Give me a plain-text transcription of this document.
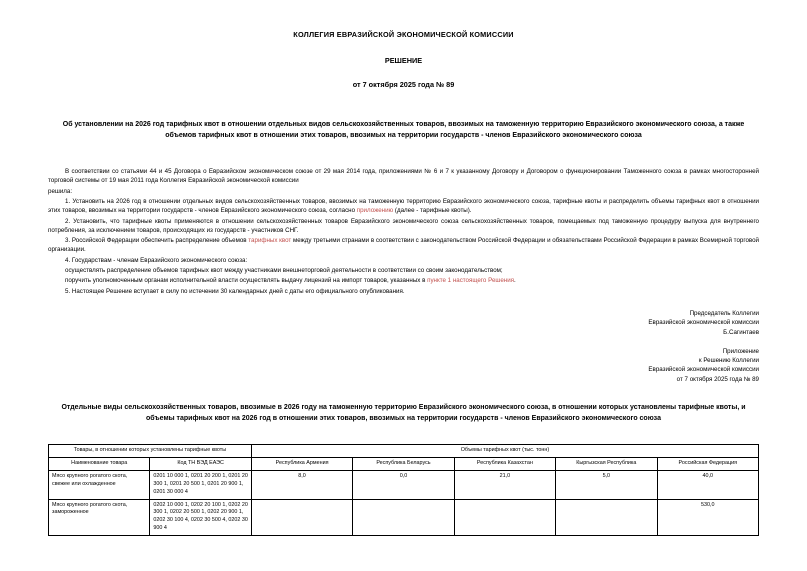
КОЛЛЕГИЯ ЕВРАЗИЙСКОЙ ЭКОНОМИЧЕСКОЙ КОМИССИИ
РЕШЕНИЕ
от 7 октября 2025 года № 89
Об установлении на 2026 год тарифных квот в отношении отдельных видов сельскохозяйственных товаров, ввозимых на таможенную территорию Евразийского экономического союза, а также объемов тарифных квот в отношении этих товаров, ввозимых на территории государств - членов Евразийского экономического союза

В соответствии со статьями 44 и 45 Договора о Евразийском экономическом союзе от 29 мая 2014 года, приложениями № 6 и 7 к указанному Договору и Договором о функционировании Таможенного союза в рамках многосторонней торговой системы от 19 мая 2011 года Коллегия Евразийской экономической комиссии

решила:

1. Установить на 2026 год в отношении отдельных видов сельскохозяйственных товаров, ввозимых на таможенную территорию Евразийского экономического союза, тарифные квоты и распределить объемы тарифных квот в отношении этих товаров, ввозимых на территории государств - членов Евразийского экономического союза, согласно приложению (далее - тарифные квоты).

2. Установить, что тарифные квоты применяются в отношении сельскохозяйственных товаров Евразийского экономического союза сельскохозяйственных товаров, помещаемых под таможенную процедуру выпуска для внутреннего потребления, за исключением товаров, происходящих из государств - участников СНГ.

3. Российской Федерации обеспечить распределение объемов тарифных квот между третьими странами в соответствии с законодательством Российской Федерации и обязательствами Российской Федерации в рамках Всемирной торговой организации.

4. Государствам - членам Евразийского экономического союза:

осуществлять распределение объемов тарифных квот между участниками внешнеторговой деятельности в соответствии со своим законодательством;

поручить уполномоченным органам исполнительной власти осуществлять выдачу лицензий на импорт товаров, указанных в пункте 1 настоящего Решения.

5. Настоящее Решение вступает в силу по истечении 30 календарных дней с даты его официального опубликования.

Председатель Коллегии
Евразийской экономической комиссии
Б.Сагинтаев
Приложение
к Решению Коллегии
Евразийской экономической комиссии
от 7 октября 2025 года № 89
Отдельные виды сельскохозяйственных товаров, ввозимые в 2026 году на таможенную территорию Евразийского экономического союза, в отношении которых установлены тарифные квоты, и объемы тарифных квот на 2026 год в отношении этих товаров, ввозимых на территории государств - членов Евразийского экономического союза
Товары, в отношении которых установлены тарифные квоты		Объемы тарифных квот (тыс. тонн)				
Наименование товара	Код ТН ВЭД ЕАЭС	Республика Армения	Республика Беларусь	Республика Казахстан	Кыргызская Республика	Российская Федерация
Мясо крупного рогатого скота, свежее или охлажденное	0201 10 000 1, 0201 20 200 1, 0201 20 300 1, 0201 20 500 1, 0201 20 900 1, 0201 30 000 4	8,0	0,0	21,0	5,0	40,0
Мясо крупного рогатого скота, замороженное	0202 10 000 1, 0202 20 100 1, 0202 20 300 1, 0202 20 500 1, 0202 20 900 1, 0202 30 100 4, 0202 30 500 4, 0202 30 900 4					530,0
